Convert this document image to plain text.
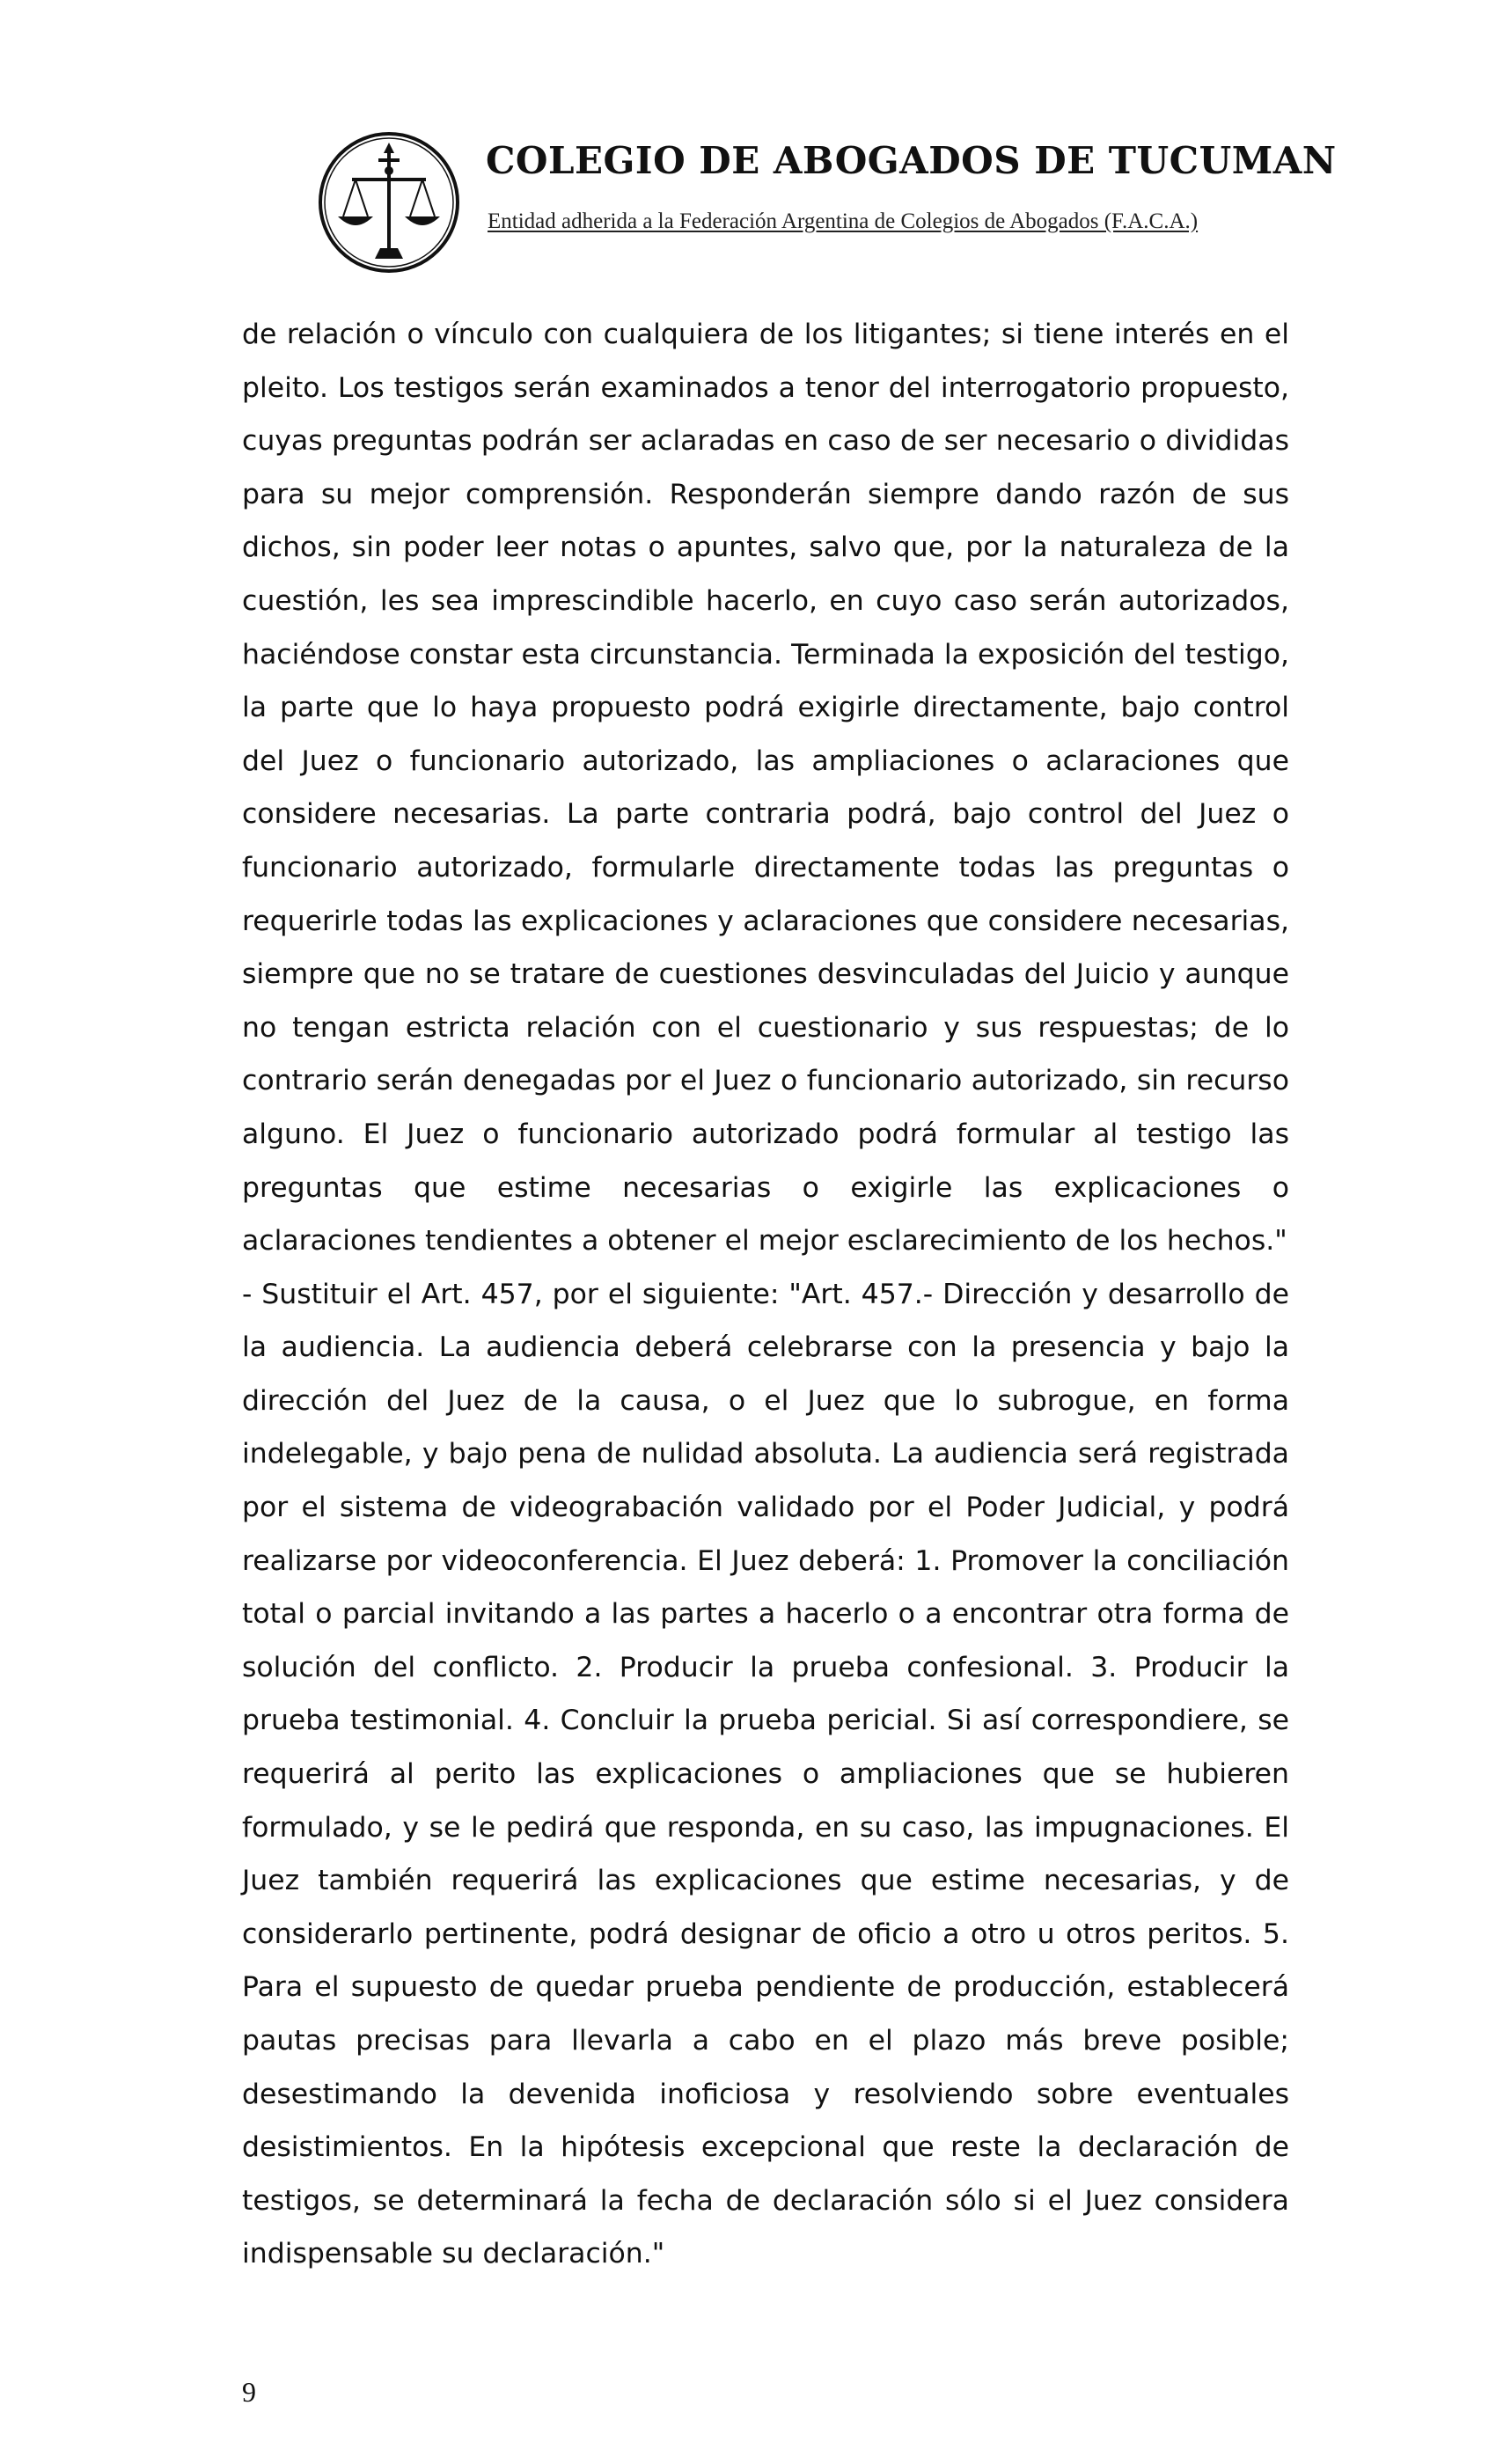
COLEGIO DE ABOGADOS DE TUCUMAN
Entidad adherida a la Federación Argentina de Colegios de Abogados (F.A.C.A.)

de relación o vínculo con cualquiera de los litigantes; si tiene interés en el pleito. Los testigos serán examinados a tenor del interrogatorio propuesto, cuyas preguntas podrán ser aclaradas en caso de ser necesario o divididas para su mejor comprensión. Responderán siempre dando razón de sus dichos, sin poder leer notas o apuntes, salvo que, por la naturaleza de la cuestión, les sea imprescindible hacerlo, en cuyo caso serán autorizados, haciéndose constar esta circunstancia. Terminada la exposición del testigo, la parte que lo haya propuesto podrá exigirle directamente, bajo control del Juez o funcionario autorizado, las ampliaciones o aclaraciones que considere necesarias. La parte contraria podrá, bajo control del Juez o funcionario autorizado, formularle directamente todas las preguntas o requerirle todas las explicaciones y aclaraciones que considere necesarias, siempre que no se tratare de cuestiones desvinculadas del Juicio y aunque no tengan estricta relación con el cuestionario y sus respuestas; de lo contrario serán denegadas por el Juez o funcionario autorizado, sin recurso alguno. El Juez o funcionario autorizado podrá formular al testigo las preguntas que estime necesarias o exigirle las explicaciones o aclaraciones tendientes a obtener el mejor esclarecimiento de los hechos."

- Sustituir el Art. 457, por el siguiente: "Art. 457.- Dirección y desarrollo de la audiencia. La audiencia deberá celebrarse con la presencia y bajo la dirección del Juez de la causa, o el Juez que lo subrogue, en forma indelegable, y bajo pena de nulidad absoluta. La audiencia será registrada por el sistema de videograbación validado por el Poder Judicial, y podrá realizarse por videoconferencia. El Juez deberá: 1. Promover la conciliación total o parcial invitando a las partes a hacerlo o a encontrar otra forma de solución del conflicto. 2. Producir la prueba confesional. 3. Producir la prueba testimonial. 4. Concluir la prueba pericial. Si así correspondiere, se requerirá al perito las explicaciones o ampliaciones que se hubieren formulado, y se le pedirá que responda, en su caso, las impugnaciones. El Juez también requerirá las explicaciones que estime necesarias, y de considerarlo pertinente, podrá designar de oficio a otro u otros peritos. 5. Para el supuesto de quedar prueba pendiente de producción, establecerá pautas precisas para llevarla a cabo en el plazo más breve posible; desestimando la devenida inoficiosa y resolviendo sobre eventuales desistimientos. En la hipótesis excepcional que reste la declaración de testigos, se determinará la fecha de declaración sólo si el Juez considera indispensable su declaración."

9
